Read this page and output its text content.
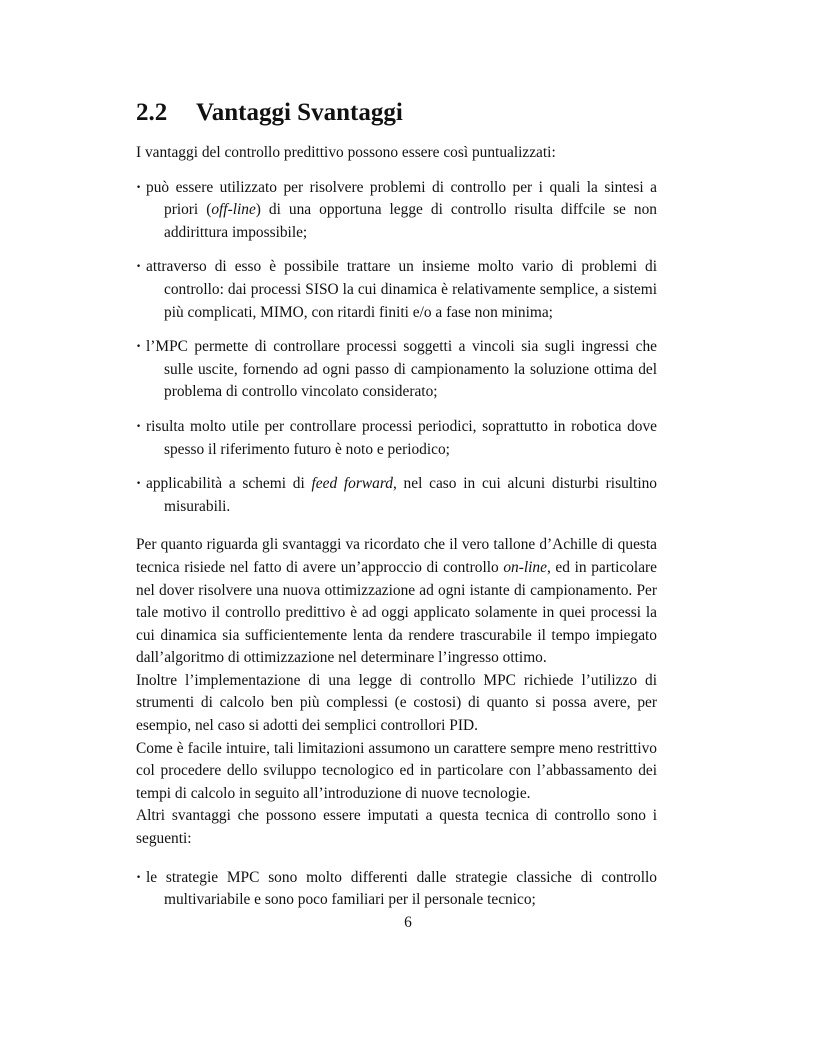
2.2 Vantaggi Svantaggi

I vantaggi del controllo predittivo possono essere così puntualizzati:

· può essere utilizzato per risolvere problemi di controllo per i quali la sintesi a priori (off-line) di una opportuna legge di controllo risulta diffcile se non addirittura impossibile;
· attraverso di esso è possibile trattare un insieme molto vario di problemi di controllo: dai processi SISO la cui dinamica è relativamente semplice, a sistemi più complicati, MIMO, con ritardi finiti e/o a fase non minima;
· l’MPC permette di controllare processi soggetti a vincoli sia sugli ingressi che sulle uscite, fornendo ad ogni passo di campionamento la soluzione ottima del problema di controllo vincolato considerato;
· risulta molto utile per controllare processi periodici, soprattutto in robotica dove spesso il riferimento futuro è noto e periodico;
· applicabilità a schemi di feed forward, nel caso in cui alcuni disturbi risultino misurabili.

Per quanto riguarda gli svantaggi va ricordato che il vero tallone d’Achille di questa tecnica risiede nel fatto di avere un’approccio di controllo on-line, ed in particolare nel dover risolvere una nuova ottimizzazione ad ogni istante di campionamento. Per tale motivo il controllo predittivo è ad oggi applicato solamente in quei processi la cui dinamica sia sufficientemente lenta da rendere trascurabile il tempo impiegato dall’algoritmo di ottimizzazione nel determinare l’ingresso ottimo.

Inoltre l’implementazione di una legge di controllo MPC richiede l’utilizzo di strumenti di calcolo ben più complessi (e costosi) di quanto si possa avere, per esempio, nel caso si adotti dei semplici controllori PID.

Come è facile intuire, tali limitazioni assumono un carattere sempre meno restrittivo col procedere dello sviluppo tecnologico ed in particolare con l’abbassamento dei tempi di calcolo in seguito all’introduzione di nuove tecnologie.

Altri svantaggi che possono essere imputati a questa tecnica di controllo sono i seguenti:

· le strategie MPC sono molto differenti dalle strategie classiche di controllo multivariabile e sono poco familiari per il personale tecnico;
6
